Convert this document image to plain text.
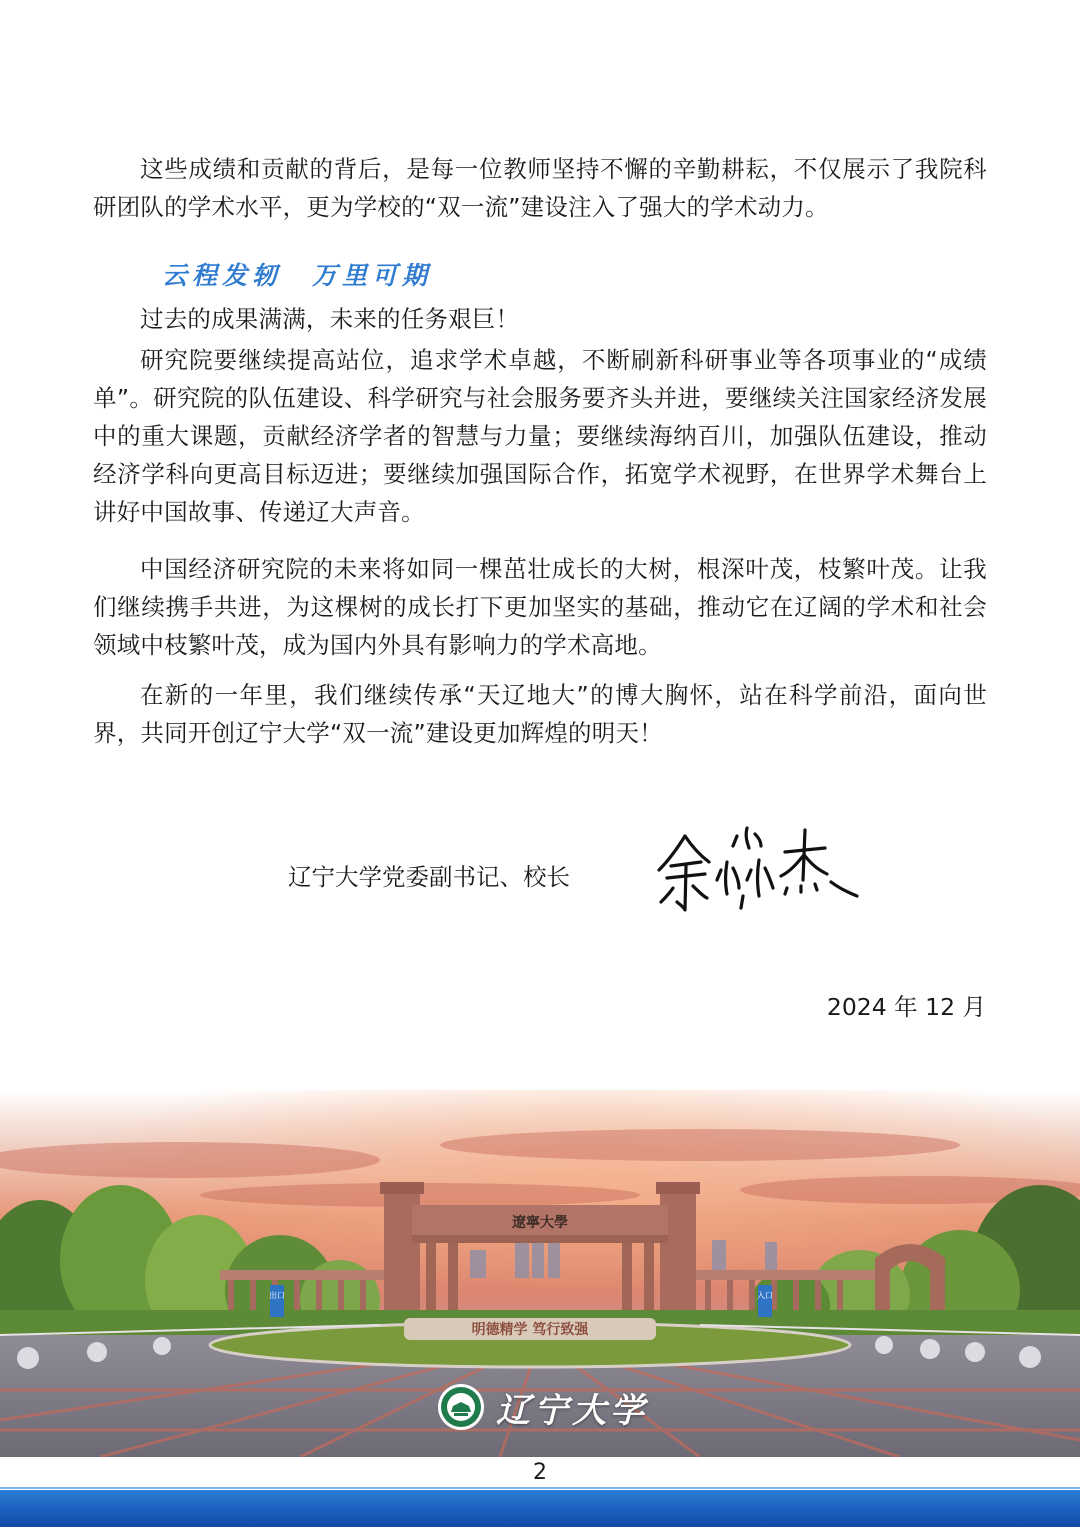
这些成绩和贡献的背后，是每一位教师坚持不懈的辛勤耕耘，不仅展示了我院科研团队的学术水平，更为学校的“双一流”建设注入了强大的学术动力。

云程发轫 万里可期

过去的成果满满，未来的任务艰巨！

研究院要继续提高站位，追求学术卓越，不断刷新科研事业等各项事业的“成绩单”。研究院的队伍建设、科学研究与社会服务要齐头并进，要继续关注国家经济发展中的重大课题，贡献经济学者的智慧与力量；要继续海纳百川，加强队伍建设，推动经济学科向更高目标迈进；要继续加强国际合作，拓宽学术视野，在世界学术舞台上讲好中国故事、传递辽大声音。

中国经济研究院的未来将如同一棵茁壮成长的大树，根深叶茂，枝繁叶茂。让我们继续携手共进，为这棵树的成长打下更加坚实的基础，推动它在辽阔的学术和社会领域中枝繁叶茂，成为国内外具有影响力的学术高地。

在新的一年里，我们继续传承“天辽地大”的博大胸怀，站在科学前沿，面向世界，共同开创辽宁大学“双一流”建设更加辉煌的明天！

辽宁大学党委副书记、校长
2024 年 12 月
遼寧大學
明德精学 笃行致强
出口	入口
辽宁大学
2
